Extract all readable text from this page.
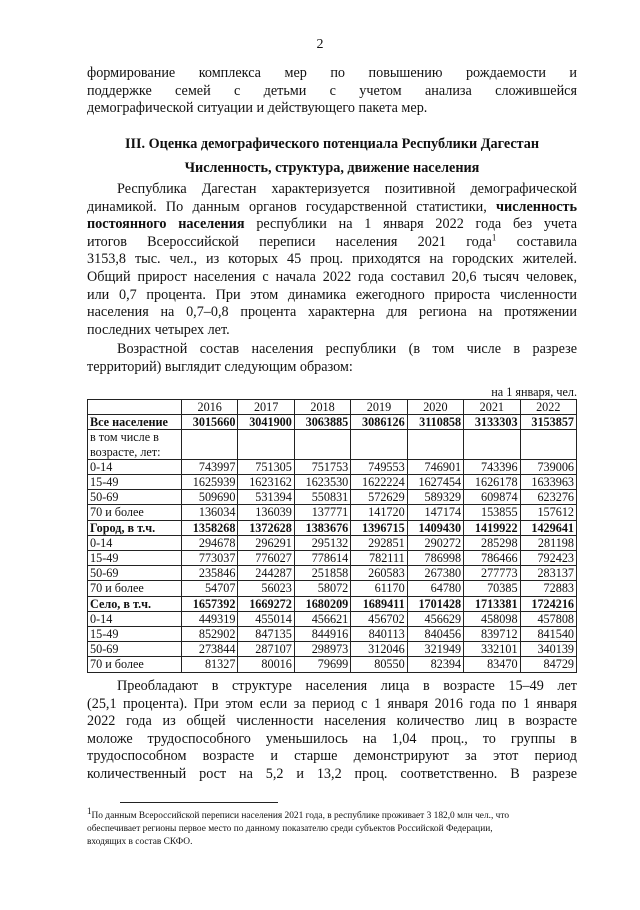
2
формирование комплекса мер по повышению рождаемости и
поддержке семей с детьми с учетом анализа сложившейся
демографической ситуации и действующего пакета мер.
III. Оценка демографического потенциала Республики Дагестан
Численность, структура, движение населения
Республика Дагестан характеризуется позитивной демографической
динамикой. По данным органов государственной статистики, численность
постоянного населения республики на 1 января 2022 года без учета
итогов Всероссийской переписи населения 2021 года$^1$ составила
3153,8 тыс. чел., из которых 45 проц. приходятся на городских жителей.
Общий прирост населения с начала 2022 года составил 20,6 тысяч человек,
или 0,7 процента. При этом динамика ежегодного прироста численности
населения на 0,7–0,8 процента характерна для региона на протяжении
последних четырех лет.
Возрастной состав населения республики (в том числе в разрезе
территорий) выглядит следующим образом:
на 1 января, чел.
	2016	2017	2018	2019	2020	2021	2022
Все население	3015660	3041900	3063885	3086126	3110858	3133303	3153857
в том числе в							
возрасте, лет:							
0-14	743997	751305	751753	749553	746901	743396	739006
15-49	1625939	1623162	1623530	1622224	1627454	1626178	1633963
50-69	509690	531394	550831	572629	589329	609874	623276
70 и более	136034	136039	137771	141720	147174	153855	157612
Город, в т.ч.	1358268	1372628	1383676	1396715	1409430	1419922	1429641
0-14	294678	296291	295132	292851	290272	285298	281198
15-49	773037	776027	778614	782111	786998	786466	792423
50-69	235846	244287	251858	260583	267380	277773	283137
70 и более	54707	56023	58072	61170	64780	70385	72883
Село, в т.ч.	1657392	1669272	1680209	1689411	1701428	1713381	1724216
0-14	449319	455014	456621	456702	456629	458098	457808
15-49	852902	847135	844916	840113	840456	839712	841540
50-69	273844	287107	298973	312046	321949	332101	340139
70 и более	81327	80016	79699	80550	82394	83470	84729
Преобладают в структуре населения лица в возрасте 15–49 лет
(25,1 процента). При этом если за период с 1 января 2016 года по 1 января
2022 года из общей численности населения количество лиц в возрасте
моложе трудоспособного уменьшилось на 1,04 проц., то группы в
трудоспособном возрасте и старше демонстрируют за этот период
количественный рост на 5,2 и 13,2 проц. соответственно. В разрезе
$^1$По данным Всероссийской переписи населения 2021 года, в республике проживает 3 182,0 млн чел., что
обеспечивает регионы первое место по данному показателю среди субъектов Российской Федерации,
входящих в состав СКФО.
